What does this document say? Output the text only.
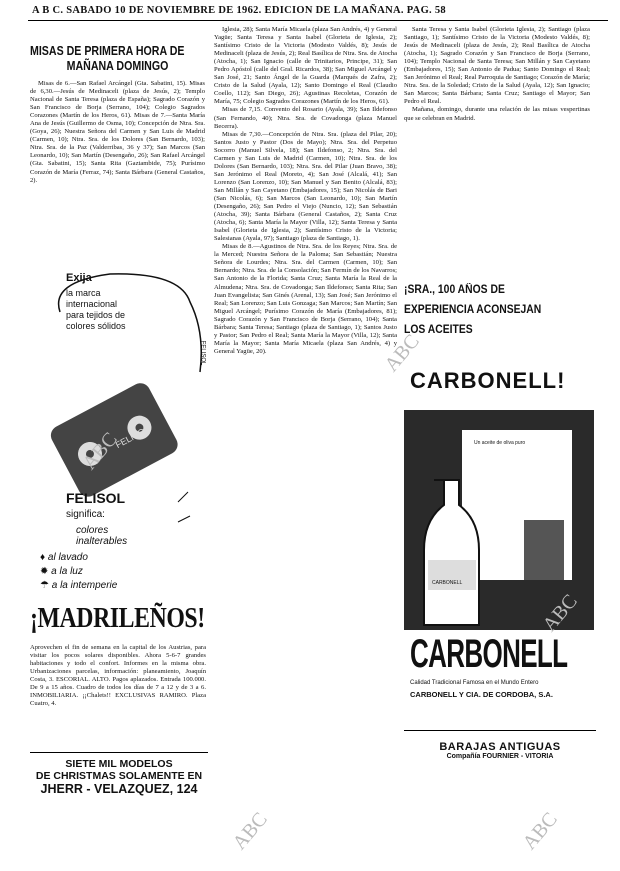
A B C. SABADO 10 DE NOVIEMBRE DE 1962. EDICION DE LA MAÑANA. PAG. 58
MISAS DE PRIMERA HORA DE
MAÑANA DOMINGO

Misas de 6.—San Rafael Arcángel (Gta. Sabatini, 15). Misas de 6,30.—Jesús de Medinaceli (plaza de Jesús, 2); Templo Nacional de Santa Teresa (plaza de España); Sagrado Corazón y San Francisco de Borja (Serrano, 104); Colegio Sagrados Corazones (Martín de los Heros, 61). Misas de 7.—Santa María Ana de Jesús (Guillermo de Osma, 10); Concepción de Ntra. Sra. (Goya, 26); Nuestra Señora del Carmen y San Luis de Madrid (Carmen, 10); Ntra. Sra. de los Dolores (San Bernardo, 103); Ntra. Sra. de la Paz (Valderribas, 36 y 37); San Marcos (San Leonardo, 10); San Martín (Desengaño, 26); San Rafael Arcángel (Gta. Sabatini, 15); Santa Rita (Gaztambide, 75); Purísimo Corazón de María (Ferraz, 74); Santa Bárbara (General Castaños, 2).

Exija
la marca
internacional
para tejidos de
colores sólidos
FELISOL
FELISOL
FELISOL
significa:
colores
inalterables
♦ al lavado
✹ a la luz
☂ a la intemperie
¡MADRILEÑOS!
Aprovechen el fin de semana en la capital de los Austrias, para visitar los pocos solares disponibles. Ahora 5-6-7 grandes habitaciones y todo el confort. Informes en la misma obra. Urbanizaciones parcelas, información: planeamiento, Joaquín Costa, 3. ESCORIAL. ALTO. Pagos aplazados. Entrada 100.000. De 9 a 15 años. Cuadro de todos los días de 7 a 12 y de 3 a 6. INMOBILIARIA. ¡¡Chalets!! EXCLUSIVAS RAMIRO. Plaza Cuatro, 4.
SIETE MIL MODELOS
DE CHRISTMAS SOLAMENTE EN
JHERR - VELAZQUEZ, 124

Iglesia, 28); Santa María Micaela (plaza San Andrés, 4) y General Yagüe; Santa Teresa y Santa Isabel (Glorieta de Iglesia, 2); Santísimo Cristo de la Victoria (Modesto Valdés, 8); Jesús de Medinaceli (plaza de Jesús, 2); Real Basílica de Ntra. Sra. de Atocha (Atocha, 1); San Ignacio (calle de Trinitarios, Principe, 31); San Pedro Apóstol (calle del Gral. Ricardos, 38); San Miguel Arcángel y San José, 21; Santo Ángel de la Guarda (Marqués de Zafra, 2); Cristo de la Salud (Ayala, 12); Santo Domingo el Real (Claudio Coello, 112); San Diego, 26); Agustinas Recoletas, Corazón de María, 75; Colegio Sagrados Corazones (Martín de los Heros, 61).

Misas de 7,15. Convento del Rosario (Ayala, 39); San Ildefonso (San Fernando, 40); Ntra. Sra. de Covadonga (plaza Manuel Becerra).

Misas de 7,30.—Concepción de Ntra. Sra. (plaza del Pilar, 20); Santos Justo y Pastor (Dos de Mayo); Ntra. Sra. del Perpetuo Socorro (Manuel Silvela, 18); San Ildefonso, 2; Ntra. Sra. del Carmen y San Luis de Madrid (Carmen, 10); Ntra. Sra. de los Dolores (San Bernardo, 103); Ntra. Sra. del Pilar (Juan Bravo, 38); San Jerónimo el Real (Moreto, 4); San José (Alcalá, 41); San Lorenzo (San Lorenzo, 10); San Manuel y San Benito (Alcalá, 83); San Millán y San Cayetano (Embajadores, 15); San Nicolás de Bari (San Nicolás, 6); San Marcos (San Leonardo, 10); San Martín (Desengaño, 26); San Pedro el Viejo (Nuncio, 12); San Sebastián (Atocha, 39); Santa Bárbara (General Castaños, 2); Santa Cruz (Atocha, 6); Santa María la Mayor (Villa, 12); Santa Teresa y Santa Isabel (Glorieta de Iglesia, 2); Santísimo Cristo de la Victoria; Salesianas (Ayala, 97); Santiago (plaza de Santiago, 1).

Misas de 8.—Agustinos de Ntra. Sra. de los Reyes; Ntra. Sra. de la Merced; Nuestra Señora de la Paloma; San Sebastián; Nuestra Señora de Lourdes; Ntra. Sra. del Carmen (Carmen, 10); San Bernardo; Ntra. Sra. de la Consolación; San Fermín de los Navarros; San Antonio de la Florida; Santa Cruz; Santa María la Real de la Almudena; Ntra. Sra. de Covadonga; San Ildefonso; Santa Rita; San Juan Evangelista; San Ginés (Arenal, 13); San José; San Jerónimo el Real; San Lorenzo; San Luis Gonzaga; San Marcos; San Martín; San Miguel Arcángel; Purísimo Corazón de María (Embajadores, 81); Sagrado Corazón y San Francisco de Borja (Serrano, 104); Santa Bárbara; Santa Teresa; Santiago (plaza de Santiago, 1); Santos Justo y Pastor; San Pedro el Real; Santa María la Mayor (Villa, 12); Santa María la Mayor; Santa María Micaela (plaza San Andrés, 4) y General Yagüe, 20).

Santa Teresa y Santa Isabel (Glorieta Iglesia, 2); Santiago (plaza Santiago, 1); Santísimo Cristo de la Victoria (Modesto Valdés, 8); Jesús de Medinaceli (plaza de Jesús, 2); Real Basílica de Atocha (Atocha, 1); Sagrado Corazón y San Francisco de Borja (Serrano, 104); Templo Nacional de Santa Teresa; San Millán y San Cayetano (Embajadores, 15); San Antonio de Padua; Santo Domingo el Real; San Jerónimo el Real; Real Parroquia de Santiago; Corazón de María; Ntra. Sra. de la Soledad; Cristo de la Salud (Ayala, 12); San Ignacio; San Marcos; Santa Bárbara; Santa Cruz; Santiago el Mayor; San Pedro el Real.

Mañana, domingo, durante una relación de las misas vespertinas que se celebran en Madrid.

¡SRA., 100 AÑOS DE
EXPERIENCIA ACONSEJAN
LOS ACEITES
CARBONELL!
Un aceite de oliva puro
CARBONELL
CARBONELL
Calidad Tradicional Famosa en el Mundo Entero
CARBONELL Y CIA. DE CORDOBA, S.A.
BARAJAS ANTIGUAS
Compañía FOURNIER - VITORIA
ABC
ABC
ABC
ABC
ABC
